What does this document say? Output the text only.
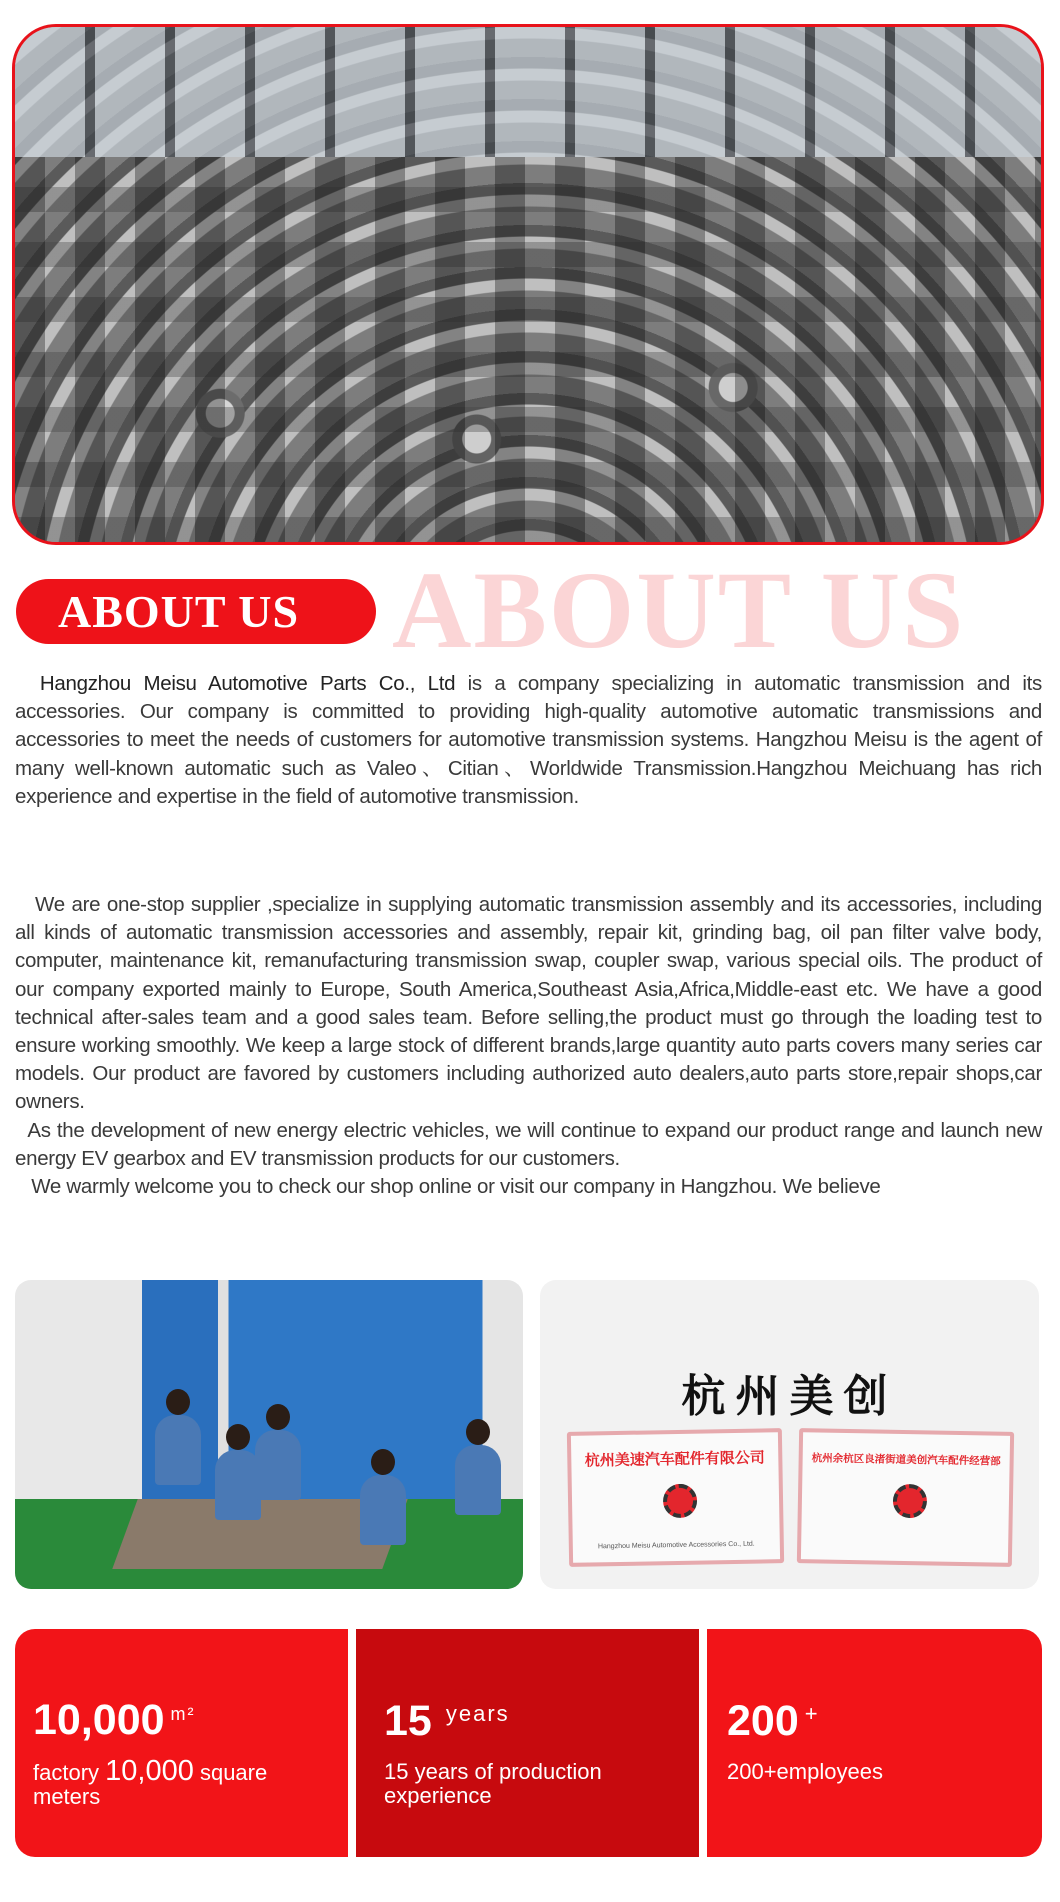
ABOUT US
ABOUT US
Hangzhou Meisu Automotive Parts Co., Ltd is a company specializing in automatic transmission and its accessories. Our company is committed to providing high-quality automotive automatic transmissions and accessories to meet the needs of customers for automotive transmission systems. Hangzhou Meisu is the agent of many well-known automatic such as Valeo、Citian、Worldwide Transmission.Hangzhou Meichuang has rich experience and expertise in the field of automotive transmission.
We are one-stop supplier ,specialize in supplying automatic transmission assembly and its accessories, including all kinds of automatic transmission accessories and assembly, repair kit, grinding bag, oil pan filter valve body, computer, maintenance kit, remanufacturing transmission swap, coupler swap, various special oils. The product of our company exported mainly to Europe, South America,Southeast Asia,Africa,Middle-east etc. We have a good technical after-sales team and a good sales team. Before selling,the product must go through the loading test to ensure working smoothly. We keep a large stock of different brands,large quantity auto parts covers many series car models. Our product are favored by customers including authorized auto dealers,auto parts store,repair shops,car owners.
As the development of new energy electric vehicles, we will continue to expand our product range and launch new energy EV gearbox and EV transmission products for our customers.
We warmly welcome you to check our shop online or visit our company in Hangzhou. We believe
杭州美创
杭州美速汽车配件有限公司
Hangzhou Meisu Automotive Accessories Co., Ltd.
杭州余杭区良渚街道美创汽车配件经营部
10,000 $^{m^2}$
factory 10,000 square meters
15 $^{years}$
15 years of production experience
200 +
200+employees
